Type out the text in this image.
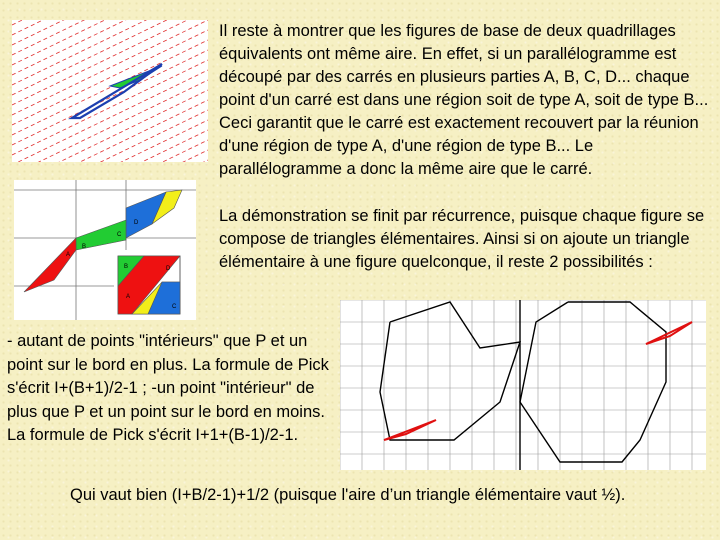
D
C
B
A
B
A
D
C

Il reste à montrer que les figures de base de deux quadrillages équivalents ont même aire. En effet, si un parallélogramme est découpé par des carrés en plusieurs parties A, B, C, D... chaque point d'un carré est dans une région soit de type A, soit de type B... Ceci garantit que le carré est exactement recouvert par la réunion d'une région de type A, d'une région de type B... Le parallélogramme a donc la même aire que le carré.

La démonstration se finit par récurrence, puisque chaque figure se compose de triangles élémentaires. Ainsi si on ajoute un triangle élémentaire à une figure quelconque, il reste 2 possibilités :

- autant de points "intérieurs" que P et un point sur le bord en plus. La formule de Pick s'écrit I+(B+1)/2-1 ; -un point "intérieur" de plus que P et un point sur le bord en moins. La formule de Pick s'écrit I+1+(B-1)/2-1.

Qui vaut bien (I+B/2-1)+1/2 (puisque l'aire d’un triangle élémentaire vaut ½).
